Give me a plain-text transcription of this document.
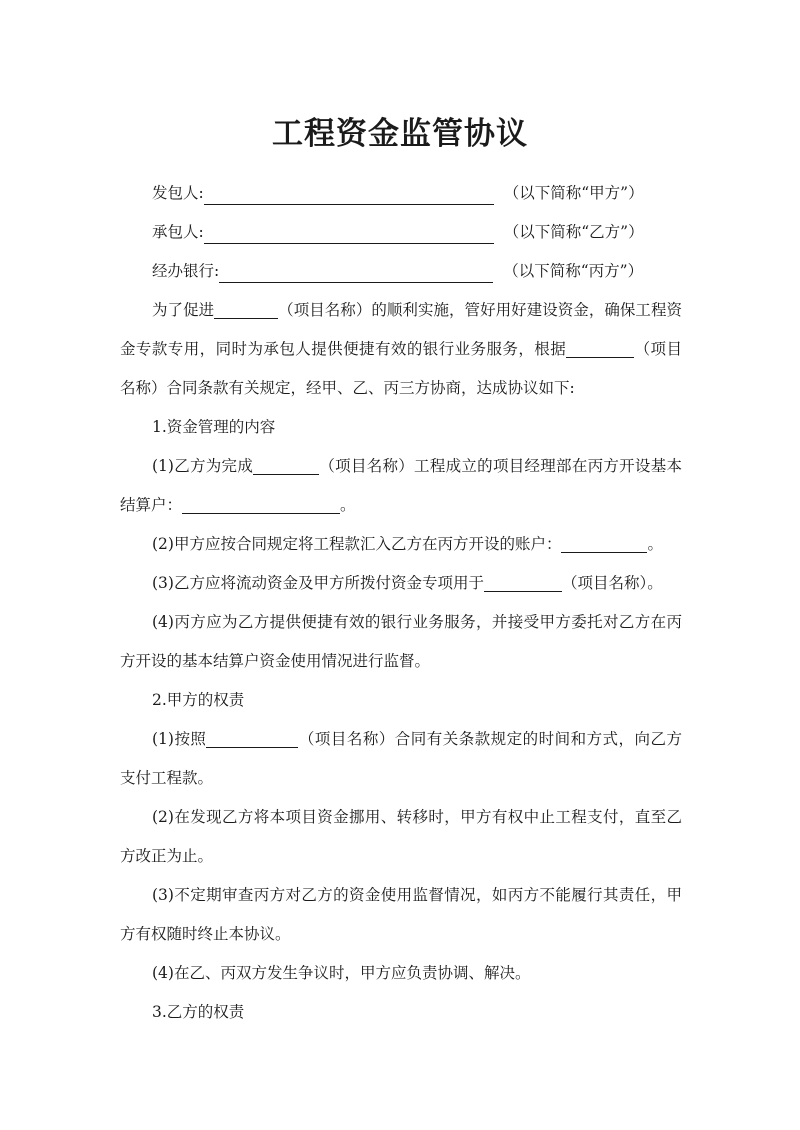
工程资金监管协议
发包人:	（以下简称“甲方”）
承包人:	（以下简称“乙方”）
经办银行:	（以下简称“丙方”）

为了促进	（项目名称）的顺利实施，管好用好建设资金，确保工程资金专款专用，同时为承包人提供便捷有效的银行业务服务，根据	（项目名称）合同条款有关规定，经甲、乙、丙三方协商，达成协议如下:

1.资金管理的内容

(1)乙方为完成	（项目名称）工程成立的项目经理部在丙方开设基本结算户：	。

(2)甲方应按合同规定将工程款汇入乙方在丙方开设的账户：	。

(3)乙方应将流动资金及甲方所拨付资金专项用于	（项目名称）。

(4)丙方应为乙方提供便捷有效的银行业务服务，并接受甲方委托对乙方在丙方开设的基本结算户资金使用情况进行监督。

2.甲方的权责

(1)按照	（项目名称）合同有关条款规定的时间和方式，向乙方支付工程款。

(2)在发现乙方将本项目资金挪用、转移时，甲方有权中止工程支付，直至乙方改正为止。

(3)不定期审查丙方对乙方的资金使用监督情况，如丙方不能履行其责任，甲方有权随时终止本协议。

(4)在乙、丙双方发生争议时，甲方应负责协调、解决。

3.乙方的权责
